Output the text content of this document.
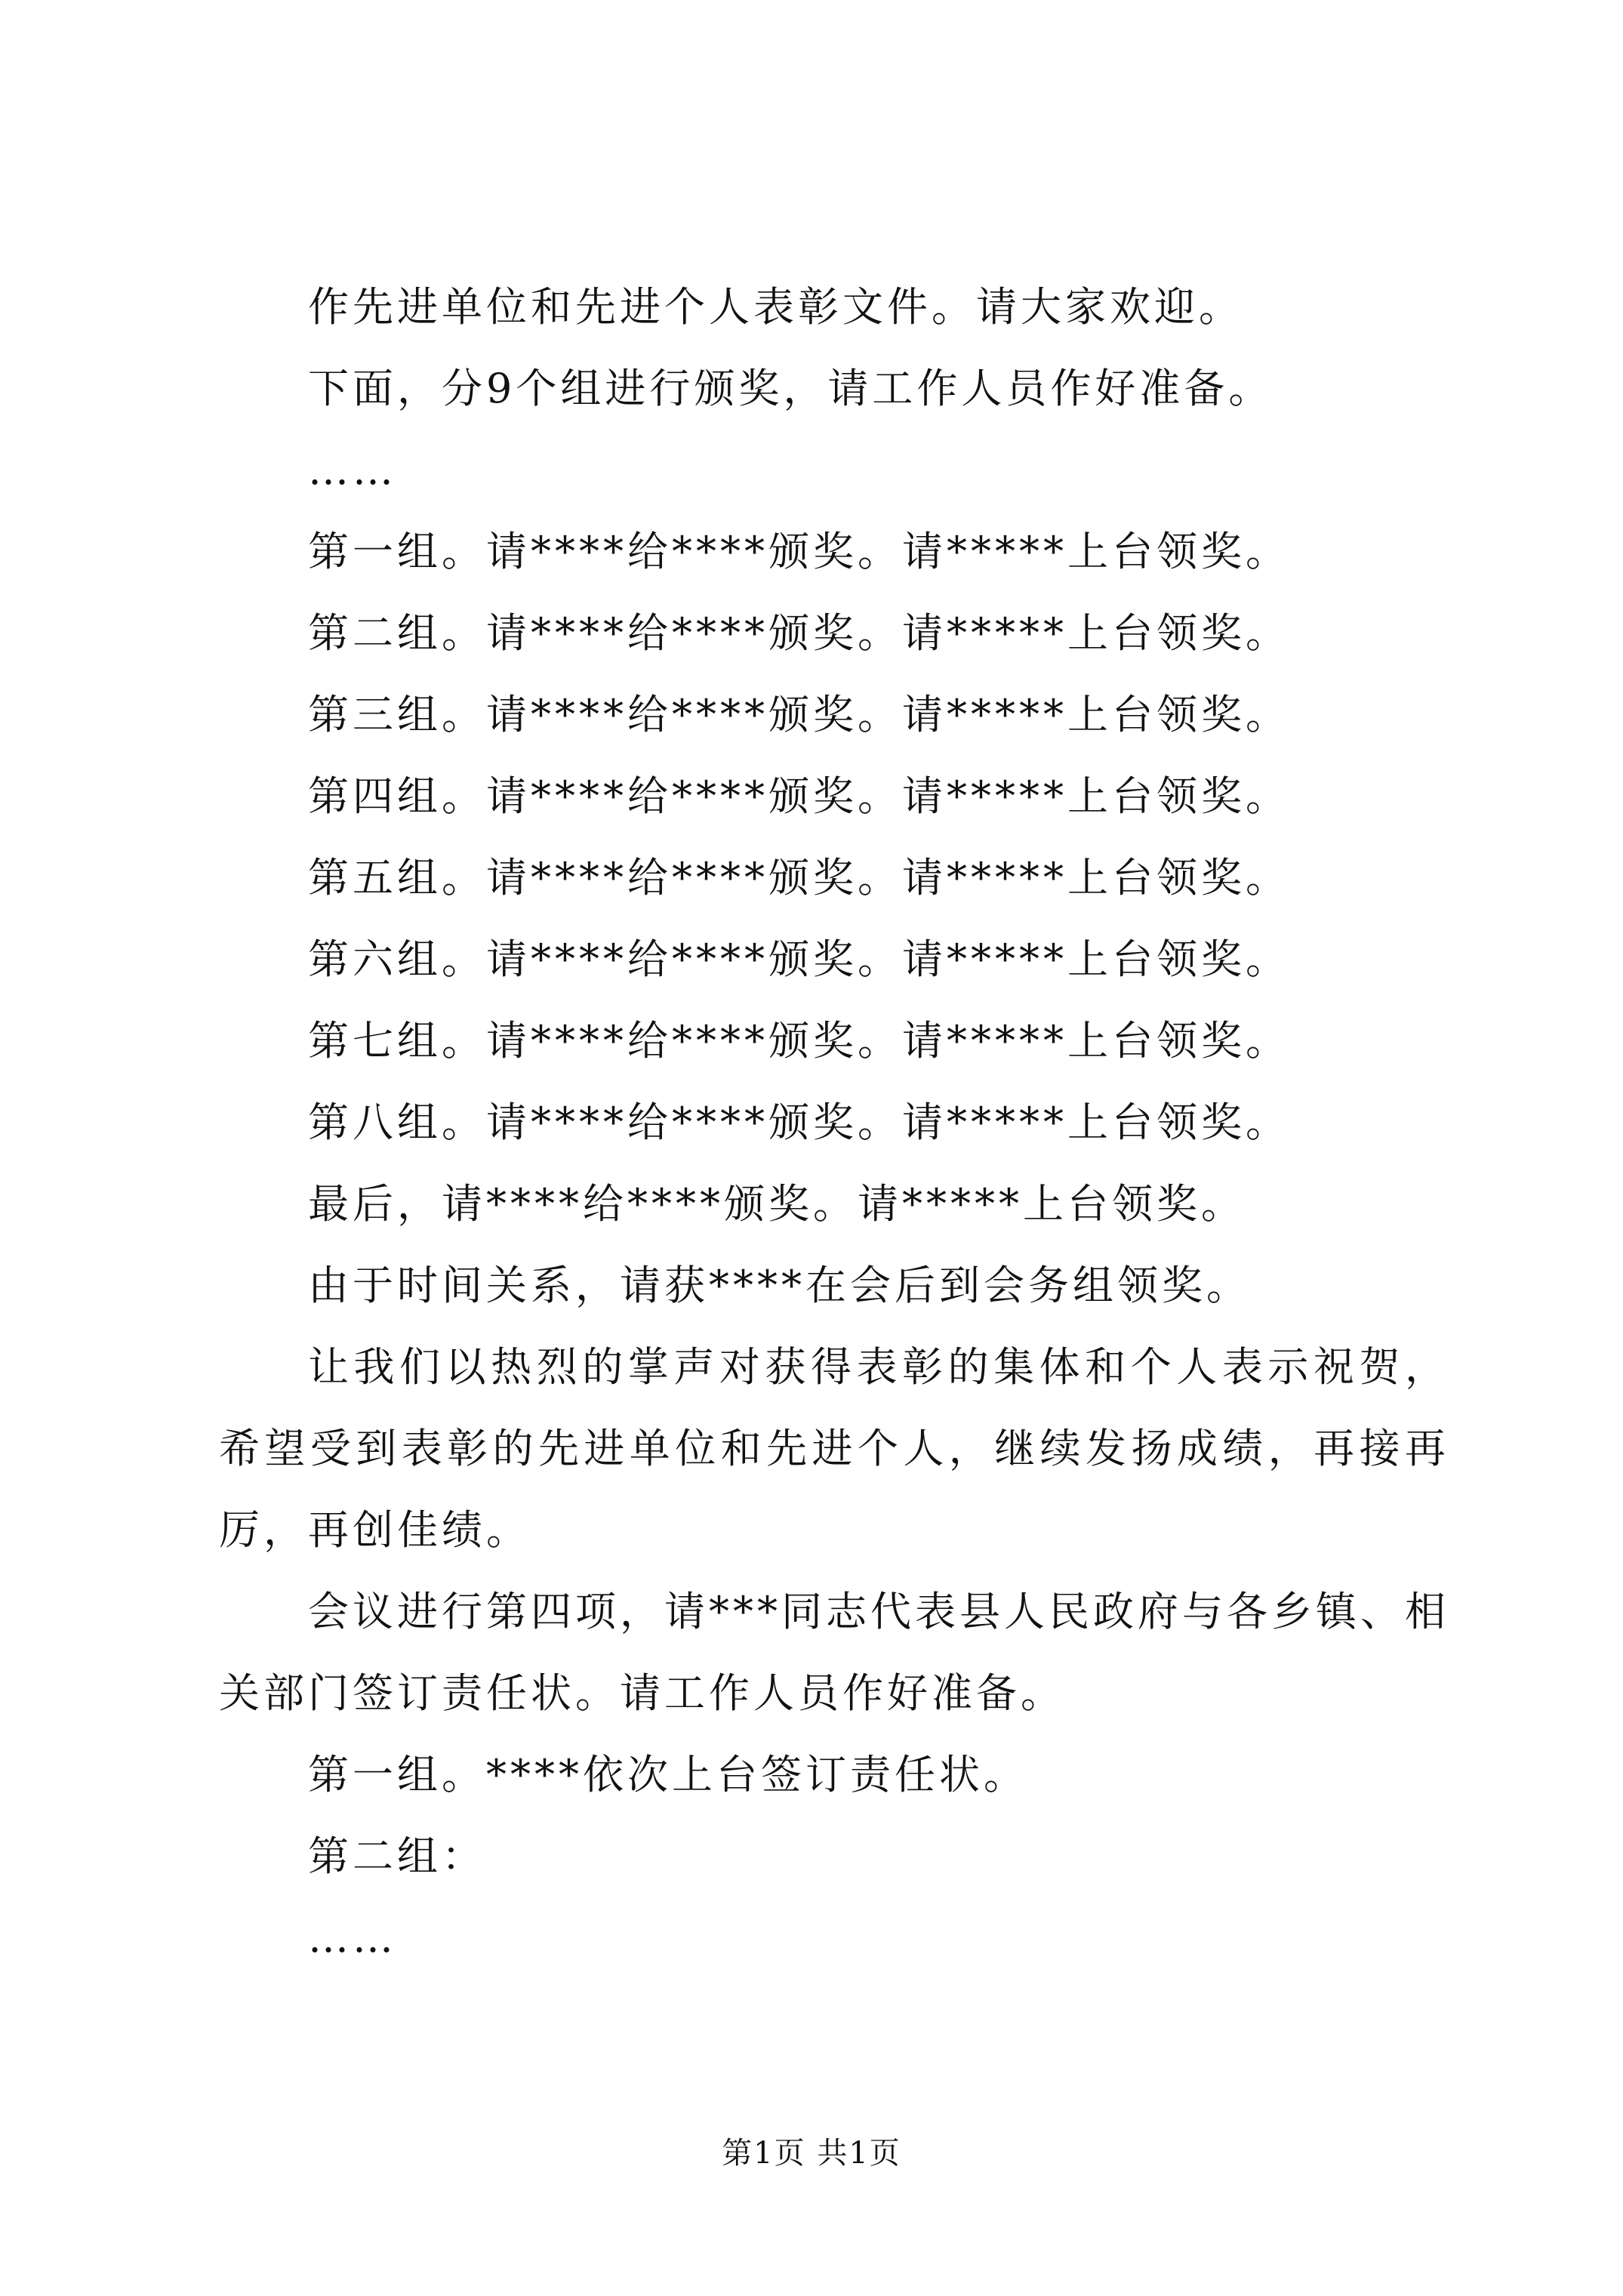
作先进单位和先进个人表彰文件。请大家欢迎。

下面，分9个组进行颁奖，请工作人员作好准备。

……

第一组。请****给****颁奖。请*****上台领奖。

第二组。请****给****颁奖。请*****上台领奖。

第三组。请****给****颁奖。请*****上台领奖。

第四组。请****给****颁奖。请*****上台领奖。

第五组。请****给****颁奖。请*****上台领奖。

第六组。请****给****颁奖。请*****上台领奖。

第七组。请****给****颁奖。请*****上台领奖。

第八组。请****给****颁奖。请*****上台领奖。

最后，请****给****颁奖。请*****上台领奖。

由于时间关系，请获****在会后到会务组领奖。

让我们以热烈的掌声对获得表彰的集体和个人表示祝贺，希望受到表彰的先进单位和先进个人，继续发扬成绩，再接再厉，再创佳绩。

会议进行第四项，请***同志代表县人民政府与各乡镇、相关部门签订责任状。请工作人员作好准备。

第一组。****依次上台签订责任状。

第二组：

……

第1页 共1页
